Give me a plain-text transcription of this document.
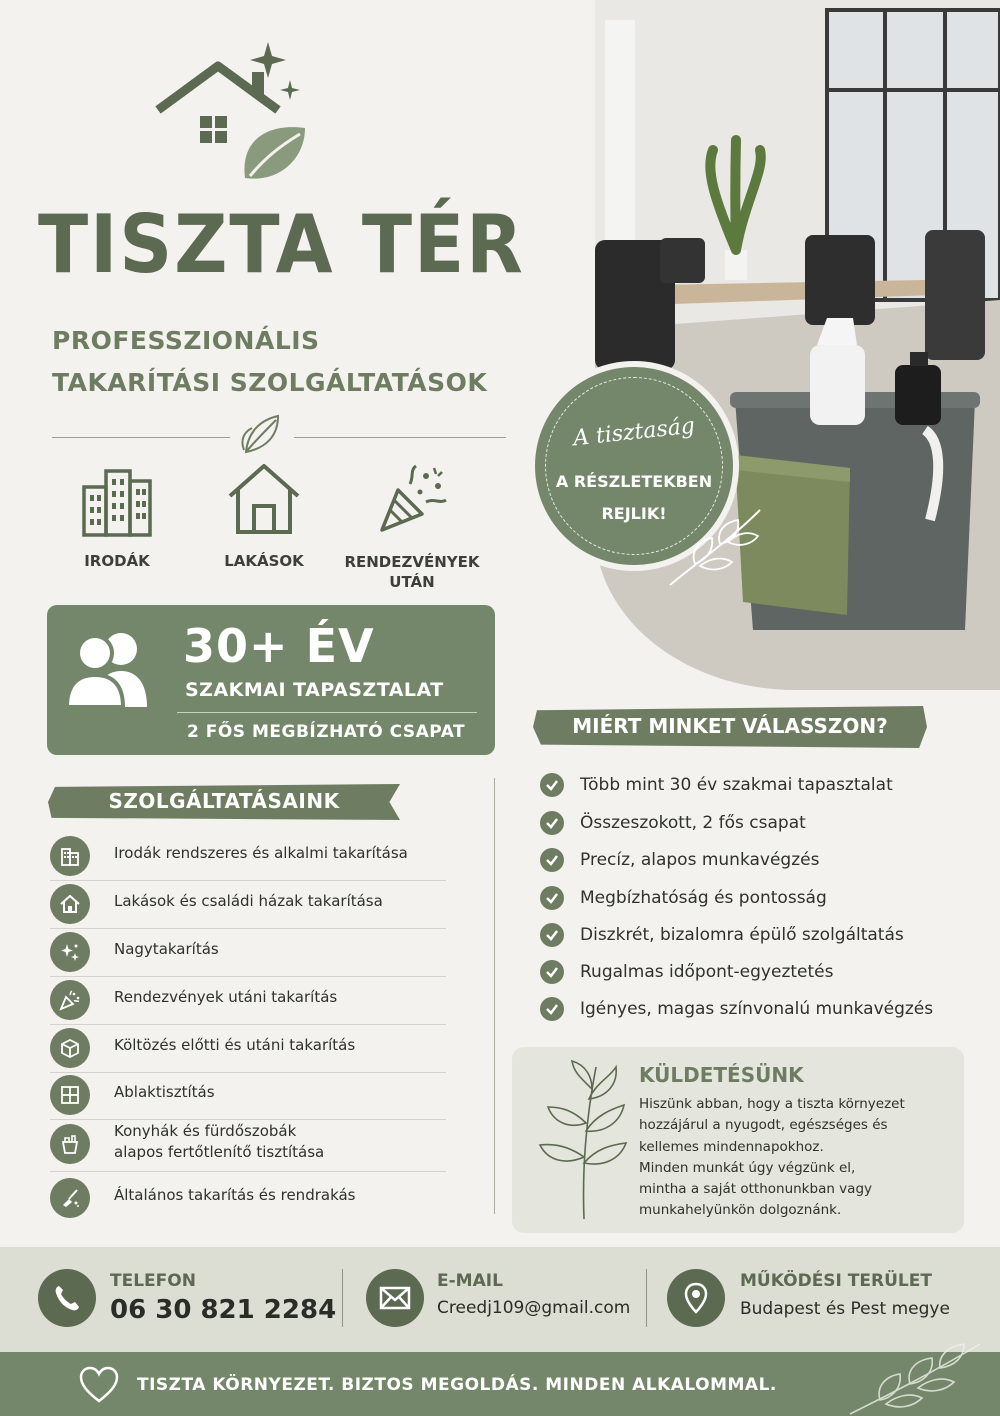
TISZTA TÉR
PROFESSZIONÁLIS
TAKARÍTÁSI SZOLGÁLTATÁSOK
IRODÁK	LAKÁSOK	RENDEZVÉNYEK
UTÁN
A tisztaság
A RÉSZLETEKBEN
REJLIK!
30+ ÉV
SZAKMAI TAPASZTALAT
2 FŐS MEGBÍZHATÓ CSAPAT
SZOLGÁLTATÁSAINK
Irodák rendszeres és alkalmi takarítása
Lakások és családi házak takarítása
Nagytakarítás
Rendezvények utáni takarítás
Költözés előtti és utáni takarítás
Ablaktisztítás
Konyhák és fürdőszobák
alapos fertőtlenítő tisztítása
Általános takarítás és rendrakás
MIÉRT MINKET VÁLASSZON?
Több mint 30 év szakmai tapasztalat
Összeszokott, 2 fős csapat
Precíz, alapos munkavégzés
Megbízhatóság és pontosság
Diszkrét, bizalomra épülő szolgáltatás
Rugalmas időpont-egyeztetés
Igényes, magas színvonalú munkavégzés
KÜLDETÉSÜNK
Hiszünk abban, hogy a tiszta környezet
hozzájárul a nyugodt, egészséges és
kellemes mindennapokhoz.
Minden munkát úgy végzünk el,
mintha a saját otthonunkban vagy
munkahelyünkön dolgoznánk.
TELEFON
06 30 821 2284
E-MAIL
Creedj109@gmail.com
MŰKÖDÉSI TERÜLET
Budapest és Pest megye
TISZTA KÖRNYEZET. BIZTOS MEGOLDÁS. MINDEN ALKALOMMAL.
